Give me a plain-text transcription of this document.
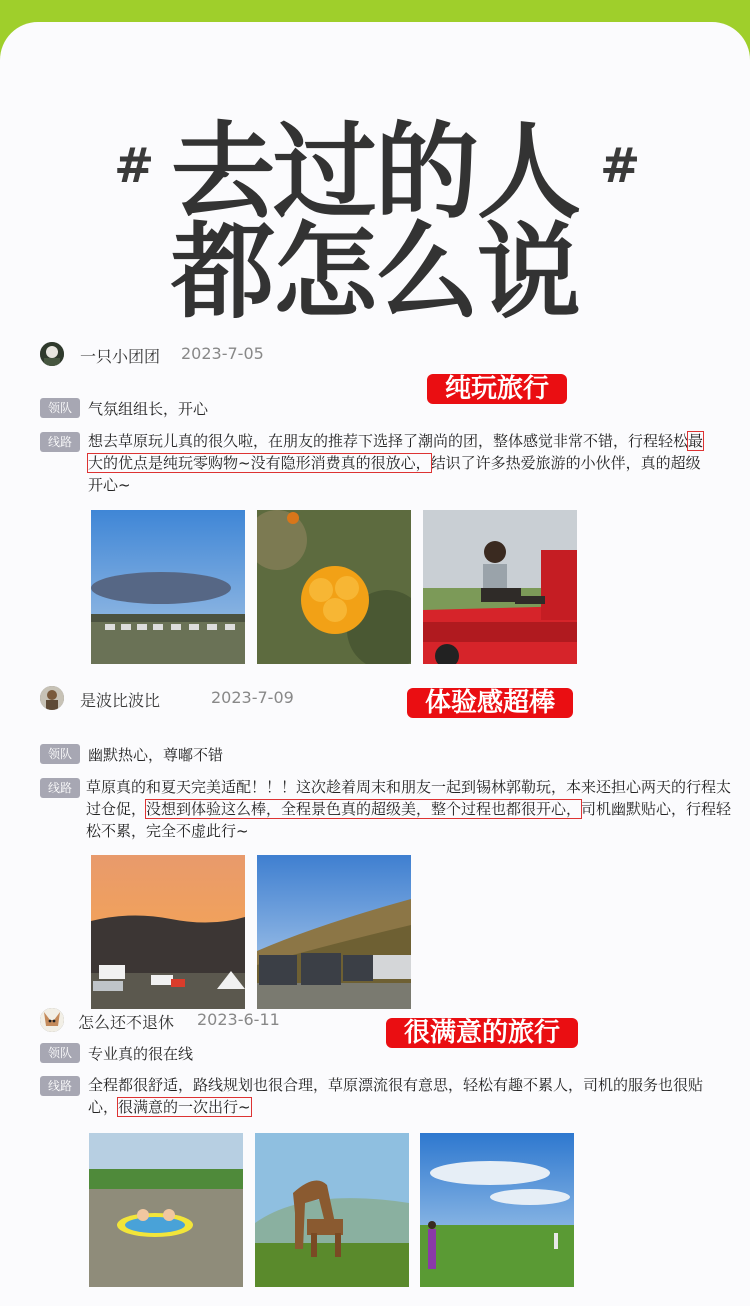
#	#
去过的人
都怎么说
一只小团团 2023-7-05
纯玩旅行
领队	气氛组组长，开心
线路	想去草原玩儿真的很久啦，在朋友的推荐下选择了潮尚的团，整体感觉非常不错，行程轻松最大的优点是纯玩零购物~没有隐形消费真的很放心，结识了许多热爱旅游的小伙伴，真的超级开心~
是波比波比	2023-7-09	体验感超棒
领队	幽默热心，尊嘟不错
线路 草原真的和夏天完美适配！！！这次趁着周末和朋友一起到锡林郭勒玩，本来还担心两天的行程太过仓促，没想到体验这么棒，全程景色真的超级美，整个过程也都很开心，司机幽默贴心，行程轻松不累，完全不虚此行~
怎么还不退休 2023-6-11	很满意的旅行
领队	专业真的很在线
线路	全程都很舒适，路线规划也很合理，草原漂流很有意思，轻松有趣不累人，司机的服务也很贴心，很满意的一次出行~
